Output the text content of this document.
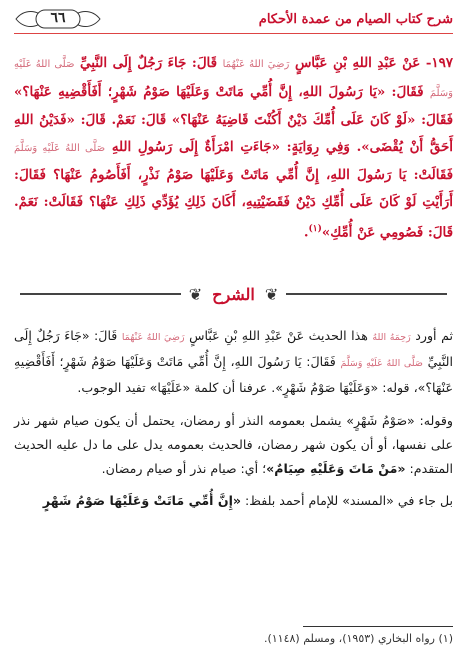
شرح كتاب الصيام من عمدة الأحكام
٦٦
١٩٧- عَنْ عَبْدِ اللهِ بْنِ عَبَّاسٍ رَضِيَ اللهُ عَنْهُمَا قَالَ: جَاءَ رَجُلٌ إِلَى النَّبِيِّ صَلَّى اللهُ عَلَيْهِ وَسَلَّمَ فَقَالَ: «يَا رَسُولَ اللهِ، إِنَّ أُمِّي مَاتَتْ وَعَلَيْهَا صَوْمُ شَهْرٍ؛ أَفَأَقْضِيهِ عَنْهَا؟» فَقَالَ: «لَوْ كَانَ عَلَى أُمِّكَ دَيْنٌ أَكُنْتَ قَاضِيَهُ عَنْهَا؟» قَالَ: نَعَمْ. قَالَ: «فَدَيْنُ اللهِ أَحَقُّ أَنْ يُقْضَى». وَفِي رِوَايَةٍ: «جَاءَتِ امْرَأَةٌ إِلَى رَسُولِ اللهِ صَلَّى اللهُ عَلَيْهِ وَسَلَّمَ فَقَالَتْ: يَا رَسُولَ اللهِ، إِنَّ أُمِّي مَاتَتْ وَعَلَيْهَا صَوْمُ نَذْرٍ، أَفَأَصُومُ عَنْهَا؟ فَقَالَ: أَرَأَيْتِ لَوْ كَانَ عَلَى أُمِّكِ دَيْنٌ فَقَضَيْتِيهِ، أَكَانَ ذَلِكِ يُؤَدِّي ذَلِكِ عَنْهَا؟ فَقَالَتْ: نَعَمْ. قَالَ: فَصُومِي عَنْ أُمِّكِ»$^{(١)}$.
❦
الشرح
❦

ثم أورد رَحِمَهُ اللهُ هذا الحديث عَنْ عَبْدِ اللهِ بْنِ عَبَّاسٍ رَضِيَ اللهُ عَنْهُمَا قَالَ: «جَاءَ رَجُلٌ إِلَى النَّبِيِّ صَلَّى اللهُ عَلَيْهِ وَسَلَّمَ فَقَالَ: يَا رَسُولَ اللهِ، إِنَّ أُمِّي مَاتَتْ وَعَلَيْهَا صَوْمُ شَهْرٍ؛ أَفَأَقْضِيهِ عَنْهَا؟»، قوله: «وَعَلَيْهَا صَوْمُ شَهْرٍ». عرفنا أن كلمة «عَلَيْهَا» تفيد الوجوب.

وقوله: «صَوْمُ شَهْرٍ» يشمل بعمومه النذر أو رمضان، يحتمل أن يكون صيام شهر نذر على نفسها، أو أن يكون شهر رمضان، فالحديث بعمومه يدل على ما دل عليه الحديث المتقدم: «مَنْ مَاتَ وَعَلَيْهِ صِيَامٌ»؛ أي: صيام نذر أو صيام رمضان.

بل جاء في «المسند» للإمام أحمد بلفظ: «إِنَّ أُمِّي مَاتَتْ وَعَلَيْهَا صَوْمُ شَهْرٍ

(١) رواه البخاري (١٩٥٣)، ومسلم (١١٤٨).
